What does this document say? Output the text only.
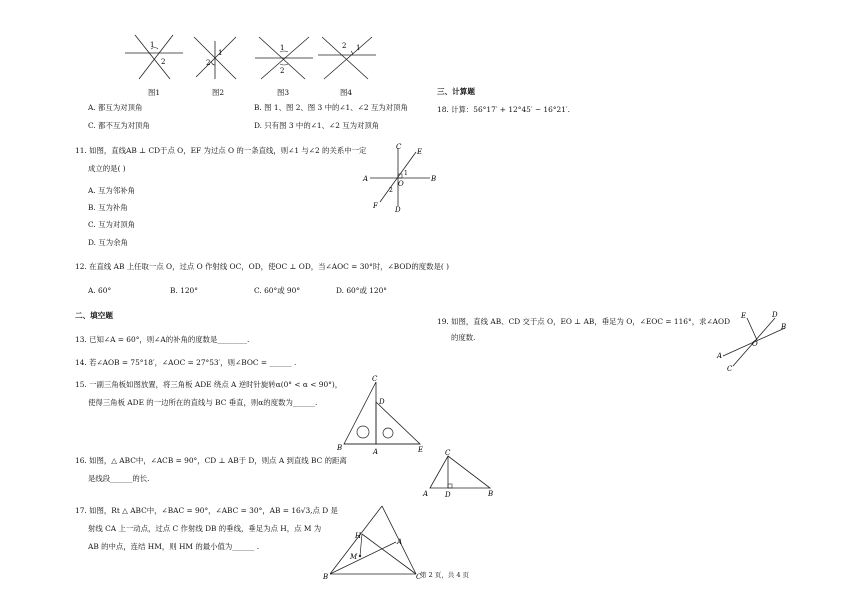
1
2	2
1
1
2
2 1
图1	图2	图3	图4
A. 都互为对顶角	B. 图 1、图 2、图 3 中的∠1、∠2 互为对顶角
C. 都不互为对顶角	D. 只有图 3 中的∠1、∠2 互为对顶角
11. 如图，直线AB ⊥ CD于点 O，EF 为过点 O 的一条直线，则∠1 与∠2 的关系中一定
成立的是( )
A. 互为邻补角
B. 互为补角
C. 互为对顶角
D. 互为余角
C
E
A	B
O
1
2
F D
12. 在直线 AB 上任取一点 O，过点 O 作射线 OC，OD，使OC ⊥ OD，当∠AOC = 30°时，∠BOD的度数是( )
A. 60°	B. 120°	C. 60°或 90°	D. 60°或 120°
二、填空题
13. 已知∠A = 60°，则∠A的补角的度数是________.
14. 若∠AOB = 75°18′，∠AOC = 27°53′，则∠BOC = ______ .
15. 一副三角板如图放置，将三角板 ADE 绕点 A 逆时针旋转α(0° < α < 90°)，
使得三角板 ADE 的一边所在的直线与 BC 垂直，则α的度数为______.
C
D
B	A	E
16. 如图，△ ABC中，∠ACB = 90°，CD ⊥ AB于 D，则点 A 到直线 BC 的距离
是线段______的长.
C
A D	B
17. 如图，Rt △ ABC中，∠BAC = 90°，∠ABC = 30°，AB = 16√3,点 D 是
射线 CA 上一动点，过点 C 作射线 DB 的垂线，垂足为点 H，点 M 为
AB 的中点，连结 HM，则 HM 的最小值为______ .
H
A
M
B	C
三、计算题
18. 计算：56°17′ + 12°45′ − 16°21′.
19. 如图，直线 AB、CD 交于点 O，EO ⊥ AB，垂足为 O，∠EOC = 116°，求∠AOD
的度数.
E	D
B
O
A
C
第 2 页，共 4 页
